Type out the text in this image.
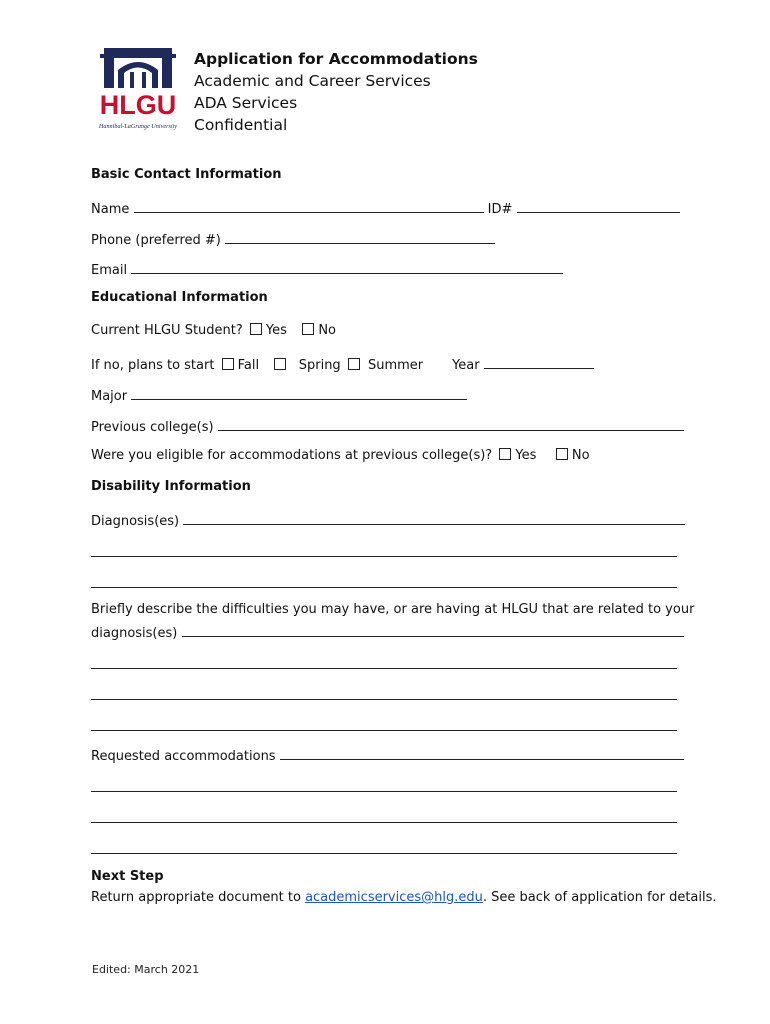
HLGU
Hannibal-LaGrange University
Application for Accommodations
Academic and Career Services
ADA Services
Confidential
Basic Contact Information
Name	ID#
Phone (preferred #)
Email
Educational Information
Current HLGU Student? Yes No
If no, plans to start Fall	Spring Summer Year
Major
Previous college(s)
Were you eligible for accommodations at previous college(s)? Yes	No
Disability Information
Diagnosis(es)
Briefly describe the difficulties you may have, or are having at HLGU that are related to your
diagnosis(es)
Requested accommodations
Next Step
Return appropriate document to academicservices@hlg.edu. See back of application for details.
Edited: March 2021
